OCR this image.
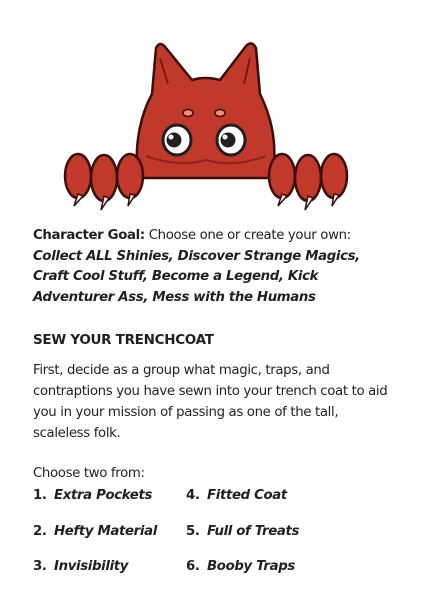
Character Goal: Choose one or create your own: Collect ALL Shinies, Discover Strange Magics, Craft Cool Stuff, Become a Legend, Kick Adventurer Ass, Mess with the Humans

SEW YOUR TRENCHCOAT

First, decide as a group what magic, traps, and contraptions you have sewn into your trench coat to aid you in your mission of passing as one of the tall, scaleless folk.

Choose two from:

1. Extra Pockets
2. Hefty Material
3. Invisibility
4. Fitted Coat
5. Full of Treats
6. Booby Traps
